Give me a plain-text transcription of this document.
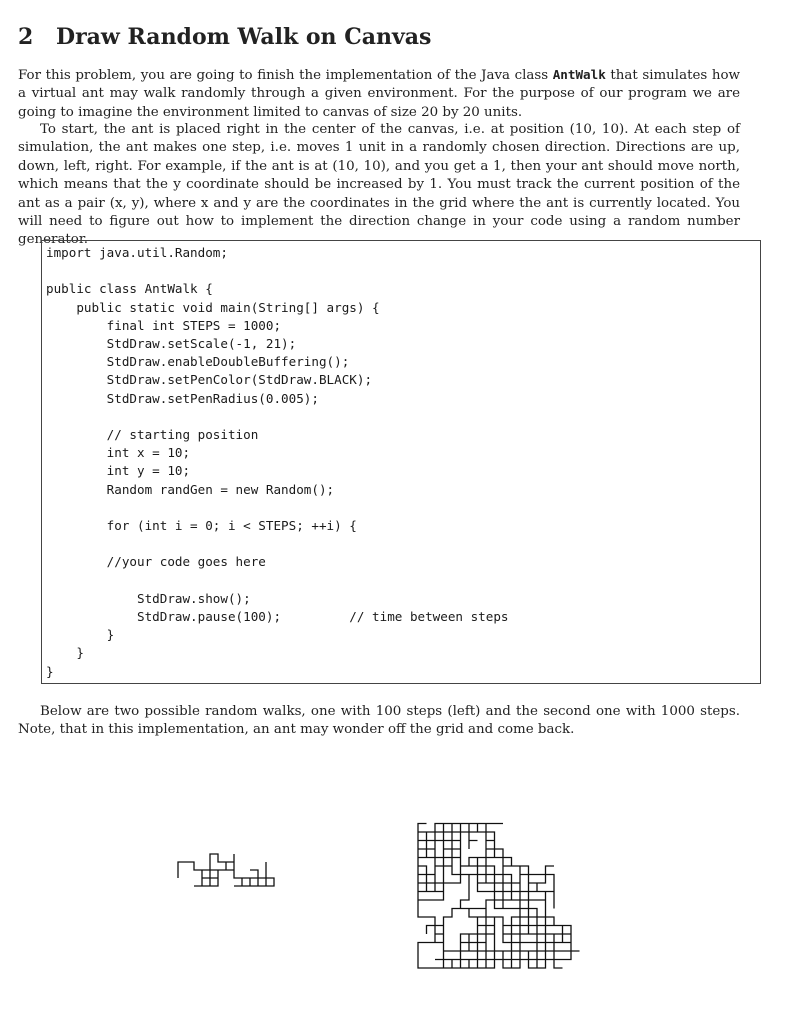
2 Draw Random Walk on Canvas

For this problem, you are going to finish the implementation of the Java class AntWalk that simulates how a virtual ant may walk randomly through a given environment. For the purpose of our program we are going to imagine the environment limited to canvas of size 20 by 20 units.

To start, the ant is placed right in the center of the canvas, i.e. at position (10, 10). At each step of simulation, the ant makes one step, i.e. moves 1 unit in a randomly chosen direction. Directions are up, down, left, right. For example, if the ant is at (10, 10), and you get a 1, then your ant should move north, which means that the y coordinate should be increased by 1. You must track the current position of the ant as a pair (x, y), where x and y are the coordinates in the grid where the ant is currently located. You will need to figure out how to implement the direction change in your code using a random number generator.

Below are two possible random walks, one with 100 steps (left) and the second one with 1000 steps. Note, that in this implementation, an ant may wonder off the grid and come back.

import java.util.Random;

public class AntWalk {
public static void main(String[] args) {
final int STEPS = 1000;
StdDraw.setScale(-1, 21);
StdDraw.enableDoubleBuffering();
StdDraw.setPenColor(StdDraw.BLACK);
StdDraw.setPenRadius(0.005);

// starting position
int x = 10;
int y = 10;
Random randGen = new Random();

for (int i = 0; i < STEPS; ++i) {

//your code goes here

StdDraw.show();
StdDraw.pause(100);         // time between steps
}
}
}
